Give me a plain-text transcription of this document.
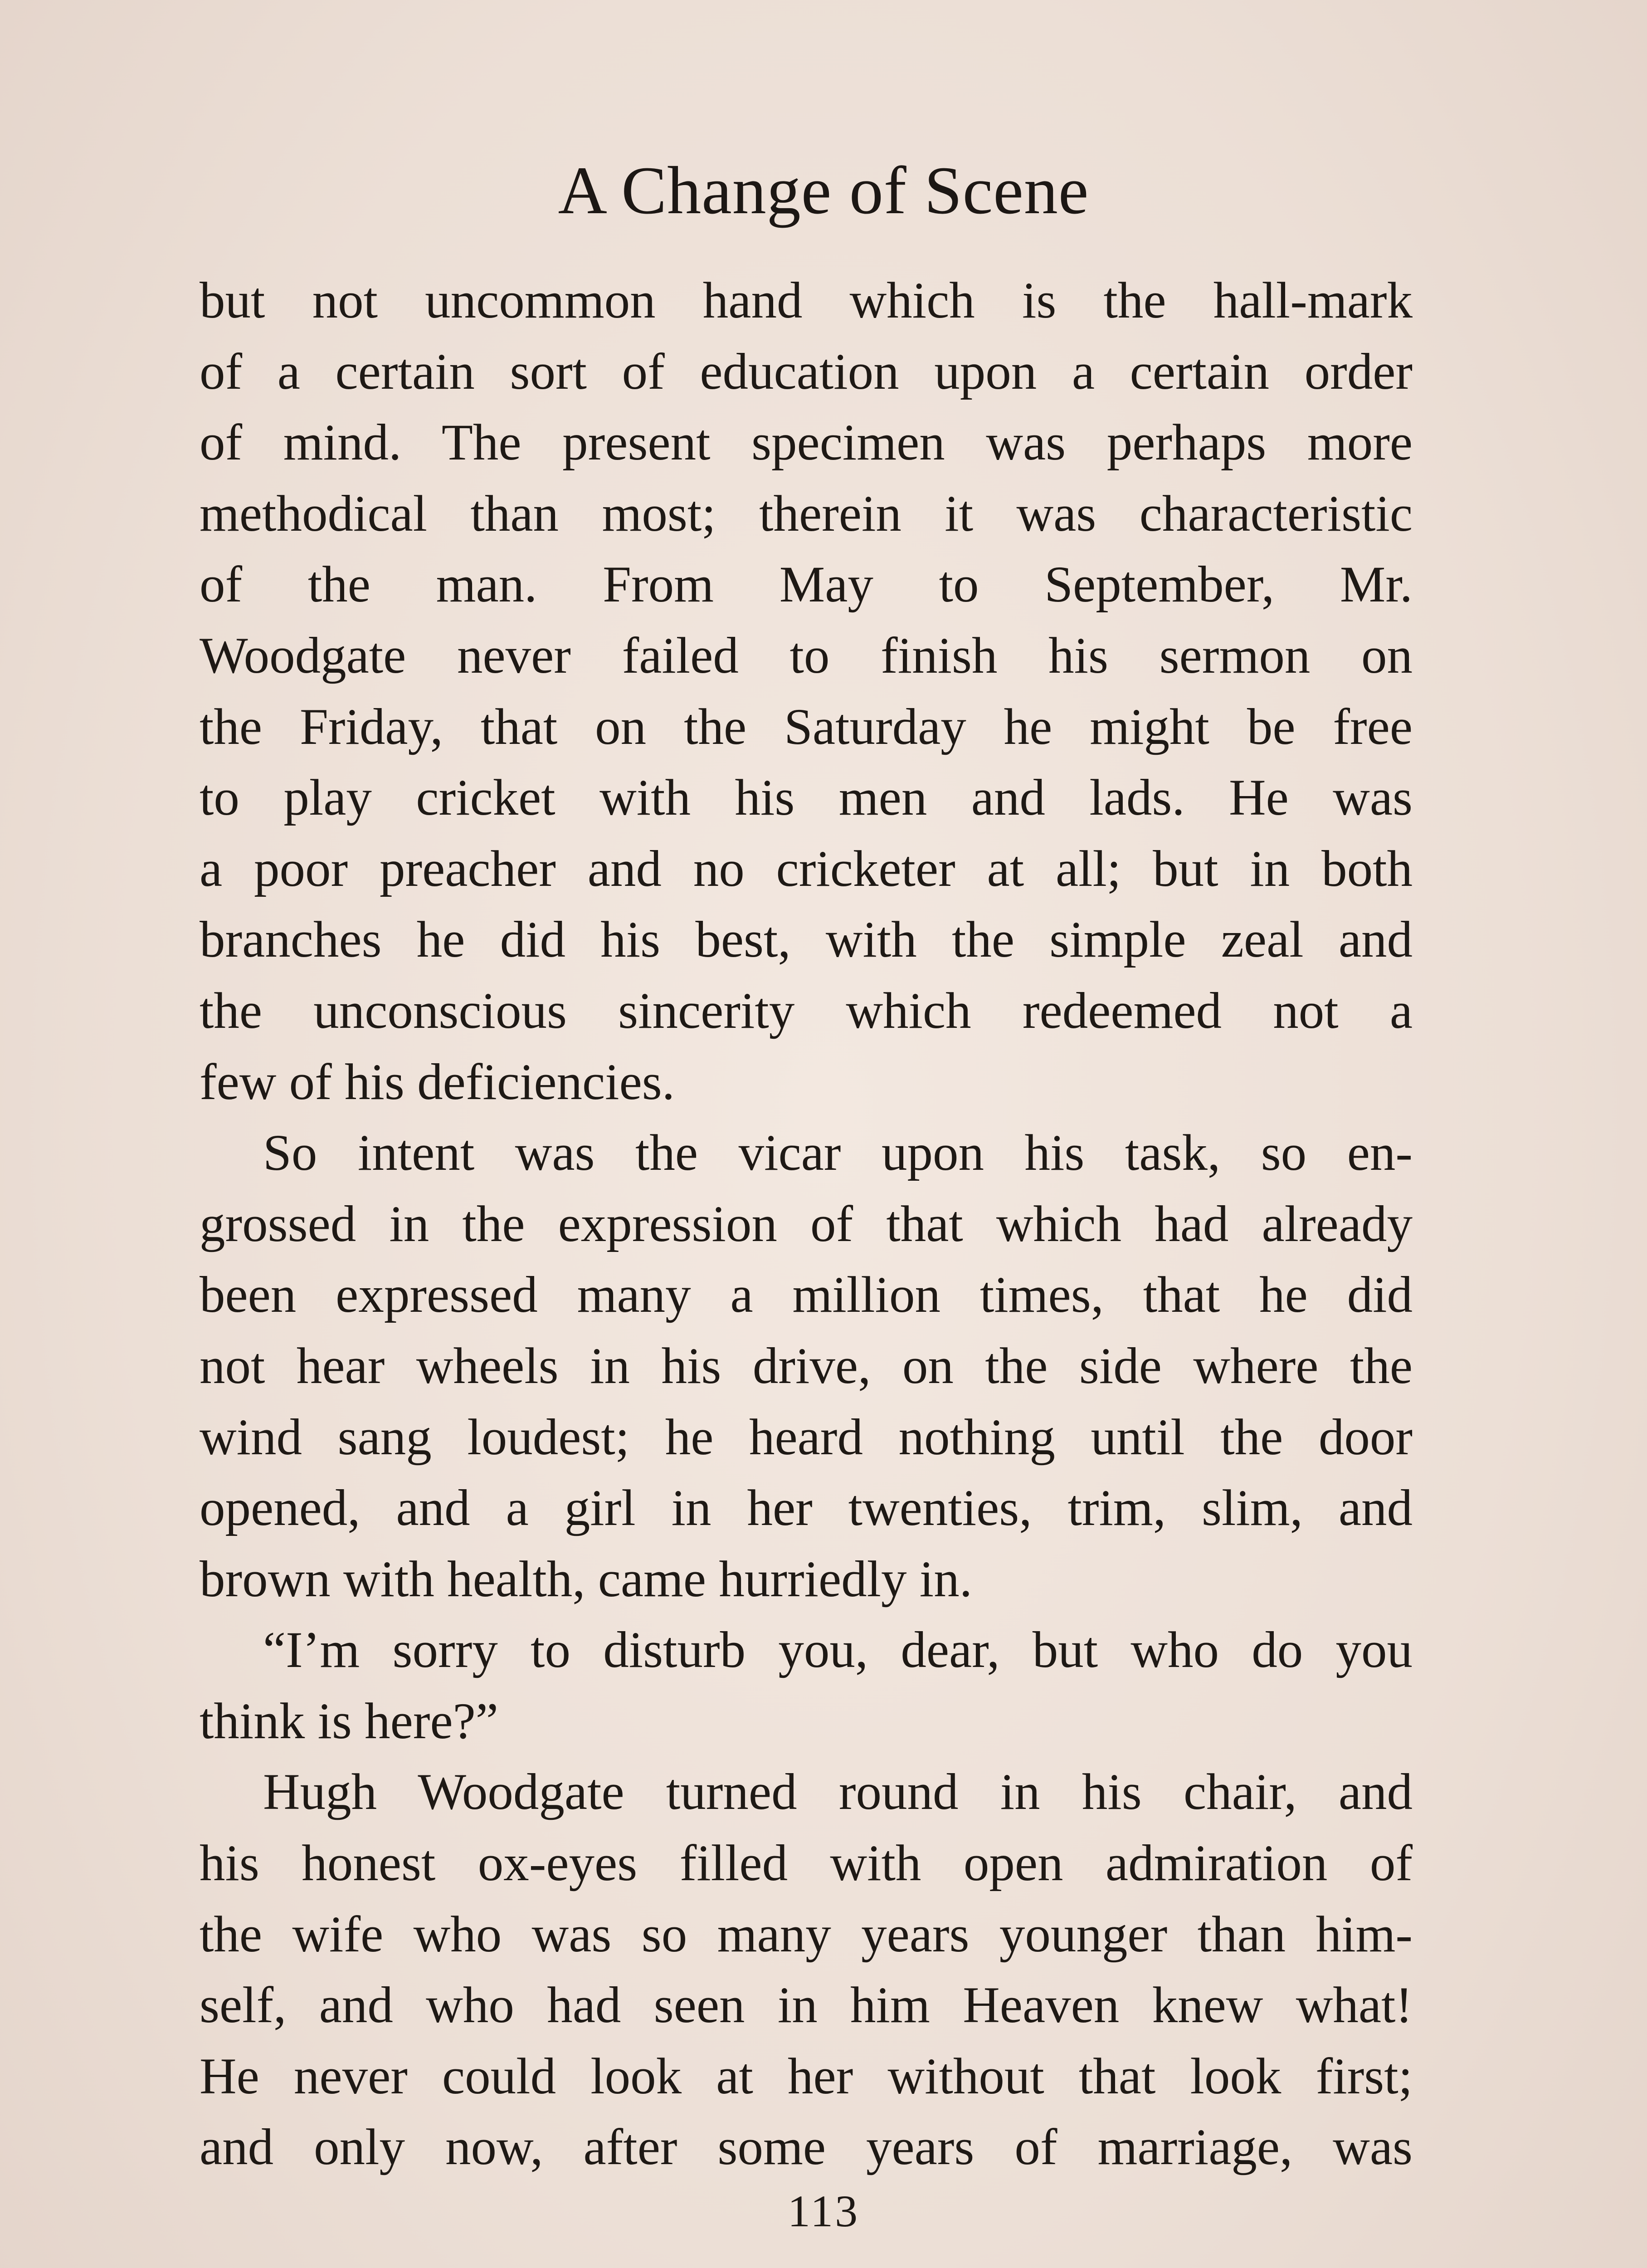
A Change of Scene
but not uncommon hand which is the hall-mark
of a certain sort of education upon a certain order
of mind. The present specimen was perhaps more
methodical than most; therein it was characteristic
of the man. From May to September, Mr.
Woodgate never failed to finish his sermon on
the Friday, that on the Saturday he might be free
to play cricket with his men and lads. He was
a poor preacher and no cricketer at all; but in both
branches he did his best, with the simple zeal and
the unconscious sincerity which redeemed not a
few of his deficiencies.
So intent was the vicar upon his task, so en-
grossed in the expression of that which had already
been expressed many a million times, that he did
not hear wheels in his drive, on the side where the
wind sang loudest; he heard nothing until the door
opened, and a girl in her twenties, trim, slim, and
brown with health, came hurriedly in.
“I’m sorry to disturb you, dear, but who do you
think is here?”
Hugh Woodgate turned round in his chair, and
his honest ox-eyes filled with open admiration of
the wife who was so many years younger than him-
self, and who had seen in him Heaven knew what!
He never could look at her without that look first;
and only now, after some years of marriage, was
113
